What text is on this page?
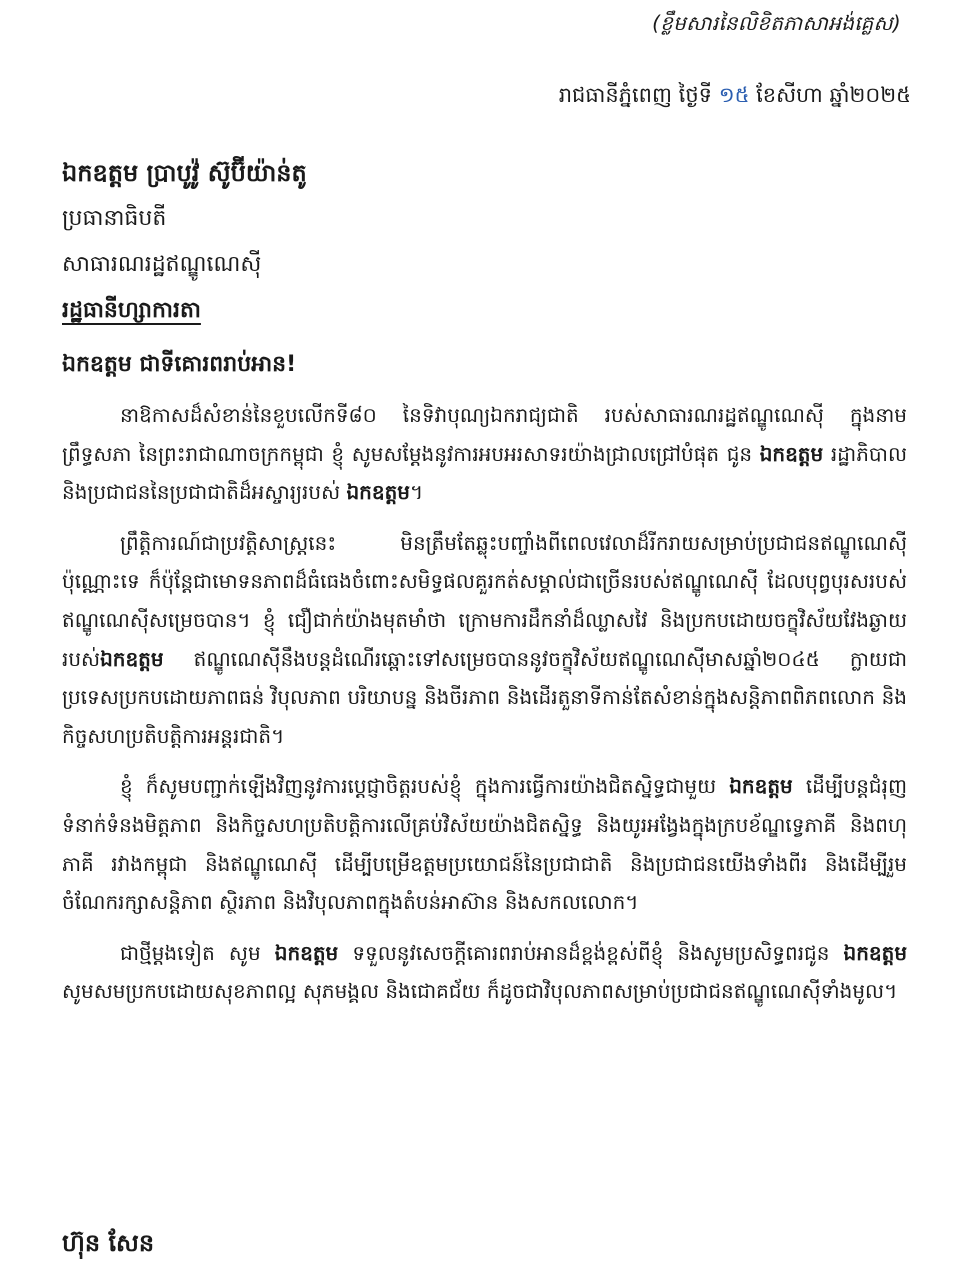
(ខ្លឹមសារនៃលិខិតភាសាអង់គ្លេស)
រាជធានីភ្នំពេញ ថ្ងៃទី ១៥ ខែសីហា ឆ្នាំ២០២៥
ឯកឧត្តម ប្រាបូវ៉ូ ស៊ូប៊ីយ៉ាន់តូ
ប្រធានាធិបតី
សាធារណរដ្ឋឥណ្ឌូណេស៊ី
រដ្ឋធានីហ្សាការតា
ឯកឧត្តម ជាទីគោរពរាប់អាន!

នាឱកាសដ៏សំខាន់នៃខួបលើកទី៨០ នៃទិវាបុណ្យឯករាជ្យជាតិ របស់សាធារណរដ្ឋឥណ្ឌូណេស៊ី ក្នុងនាមព្រឹទ្ធសភា នៃព្រះរាជាណាចក្រកម្ពុជា ខ្ញុំ សូមសម្តែងនូវការអបអរសាទរយ៉ាងជ្រាលជ្រៅបំផុត ជូន ឯកឧត្តម រដ្ឋាភិបាល និងប្រជាជននៃប្រជាជាតិដ៏អស្ចារ្យរបស់ ឯកឧត្តម។

ព្រឹត្តិការណ៍ជាប្រវត្តិសាស្ត្រនេះ មិនត្រឹមតែឆ្លុះបញ្ចាំងពីពេលវេលាដ៏រីករាយសម្រាប់ប្រជាជនឥណ្ឌូណេស៊ីប៉ុណ្ណោះទេ ក៏ប៉ុន្តែជាមោទនភាពដ៏ធំធេងចំពោះសមិទ្ធផលគួរកត់សម្គាល់ជាច្រើនរបស់ឥណ្ឌូណេស៊ី ដែលបុព្វបុរសរបស់ឥណ្ឌូណេស៊ីសម្រេចបាន។ ខ្ញុំ ជឿជាក់យ៉ាងមុតមាំថា ក្រោមការដឹកនាំដ៏ឈ្លាសវៃ និងប្រកបដោយចក្ខុវិស័យវែងឆ្ងាយរបស់ឯកឧត្តម ឥណ្ឌូណេស៊ីនឹងបន្តដំណើរឆ្ពោះទៅសម្រេចបាននូវចក្ខុវិស័យឥណ្ឌូណេស៊ីមាសឆ្នាំ២០៤៥ ក្លាយជាប្រទេសប្រកបដោយភាពធន់ វិបុលភាព បរិយាបន្ន និងចីរភាព និងដើរតួនាទីកាន់តែសំខាន់ក្នុងសន្តិភាពពិភពលោក និងកិច្ចសហប្រតិបត្តិការអន្តរជាតិ។

ខ្ញុំ ក៏សូមបញ្ជាក់ឡើងវិញនូវការប្តេជ្ញាចិត្តរបស់ខ្ញុំ ក្នុងការធ្វើការយ៉ាងជិតស្និទ្ធជាមួយ ឯកឧត្តម ដើម្បីបន្តជំរុញទំនាក់ទំនងមិត្តភាព និងកិច្ចសហប្រតិបត្តិការលើគ្រប់វិស័យយ៉ាងជិតស្និទ្ធ និងយូរអង្វែងក្នុងក្របខ័ណ្ឌទ្វេភាគី និងពហុភាគី រវាងកម្ពុជា និងឥណ្ឌូណេស៊ី ដើម្បីបម្រើឧត្តមប្រយោជន៍នៃប្រជាជាតិ និងប្រជាជនយើងទាំងពីរ និងដើម្បីរួមចំណែករក្សាសន្តិភាព ស្ថិរភាព និងវិបុលភាពក្នុងតំបន់អាស៊ាន និងសកលលោក។

ជាថ្មីម្តងទៀត សូម ឯកឧត្តម ទទួលនូវសេចក្តីគោរពរាប់អានដ៏ខ្ពង់ខ្ពស់ពីខ្ញុំ និងសូមប្រសិទ្ធពរជូន ឯកឧត្តម សូមសមប្រកបដោយសុខភាពល្អ សុភមង្គល និងជោគជ័យ ក៏ដូចជាវិបុលភាពសម្រាប់ប្រជាជនឥណ្ឌូណេស៊ីទាំងមូល។

ហ៊ុន សែន
